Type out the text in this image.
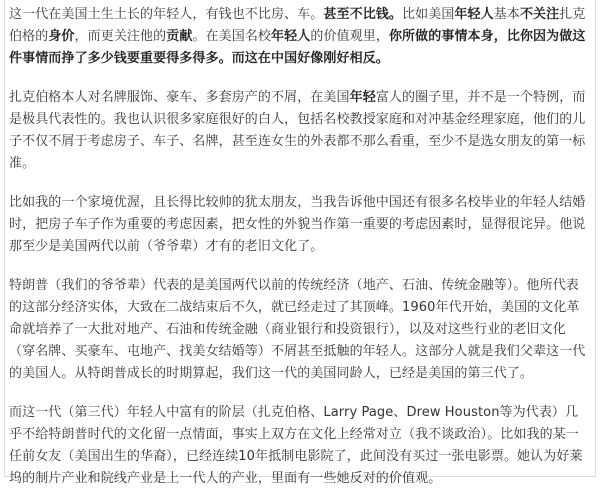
这一代在美国土生土长的年轻人，有钱也不比房、车。甚至不比钱。比如美国年轻人基本不关注扎克伯格的身价，而更关注他的贡献。在美国名校年轻人的价值观里，你所做的事情本身，比你因为做这件事情而挣了多少钱要重要得多得多。而这在中国好像刚好相反。

扎克伯格本人对名牌服饰、豪车、多套房产的不屑，在美国年轻富人的圈子里，并不是一个特例，而是极具代表性的。我也认识很多家庭很好的白人，包括名校教授家庭和对冲基金经理家庭，他们的儿子不仅不屑于考虑房子、车子、名牌，甚至连女生的外表都不那么看重，至少不是选女朋友的第一标准。

比如我的一个家境优渥，且长得比较帅的犹太朋友，当我告诉他中国还有很多名校毕业的年轻人结婚时，把房子车子作为重要的考虑因素，把女性的外貌当作第一重要的考虑因素时，显得很诧异。他说那至少是美国两代以前（爷爷辈）才有的老旧文化了。

特朗普（我们的爷爷辈）代表的是美国两代以前的传统经济（地产、石油、传统金融等）。他所代表的这部分经济实体，大致在二战结束后不久，就已经走过了其顶峰。1960年代开始，美国的文化革命就培养了一大批对地产、石油和传统金融（商业银行和投资银行），以及对这些行业的老旧文化（穿名牌、买豪车、屯地产、找美女结婚等）不屑甚至抵触的年轻人。这部分人就是我们父辈这一代的美国人。从特朗普成长的时期算起，我们这一代的美国同龄人，已经是美国的第三代了。

而这一代（第三代）年轻人中富有的阶层（扎克伯格、Larry Page、Drew Houston等为代表）几乎不给特朗普时代的文化留一点情面，事实上双方在文化上经常对立（我不谈政治）。比如我的某一任前女友（美国出生的华裔），已经连续10年抵制电影院了，此间没有买过一张电影票。她认为好莱坞的制片产业和院线产业是上一代人的产业，里面有一些她反对的价值观。
